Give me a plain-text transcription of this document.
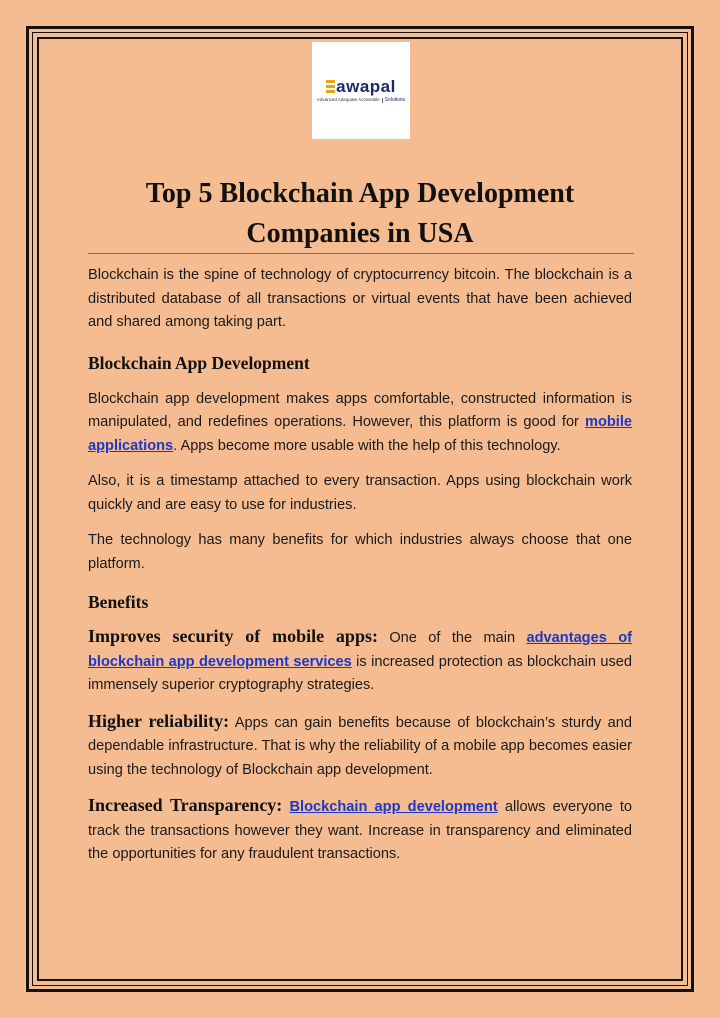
awapal
Advanced Adequate Accessible	Solutions
Top 5 Blockchain App Development
Companies in USA

Blockchain is the spine of technology of cryptocurrency bitcoin. The blockchain is a distributed database of all transactions or virtual events that have been achieved and shared among taking part.

Blockchain App Development

Blockchain app development makes apps comfortable, constructed information is manipulated, and redefines operations. However, this platform is good for mobile applications. Apps become more usable with the help of this technology.

Also, it is a timestamp attached to every transaction. Apps using blockchain work quickly and are easy to use for industries.

The technology has many benefits for which industries always choose that one platform.

Benefits

Improves security of mobile apps: One of the main advantages of blockchain app development services is increased protection as blockchain used immensely superior cryptography strategies.

Higher reliability: Apps can gain benefits because of blockchain’s sturdy and dependable infrastructure. That is why the reliability of a mobile app becomes easier using the technology of Blockchain app development.

Increased Transparency: Blockchain app development allows everyone to track the transactions however they want. Increase in transparency and eliminated the opportunities for any fraudulent transactions.
